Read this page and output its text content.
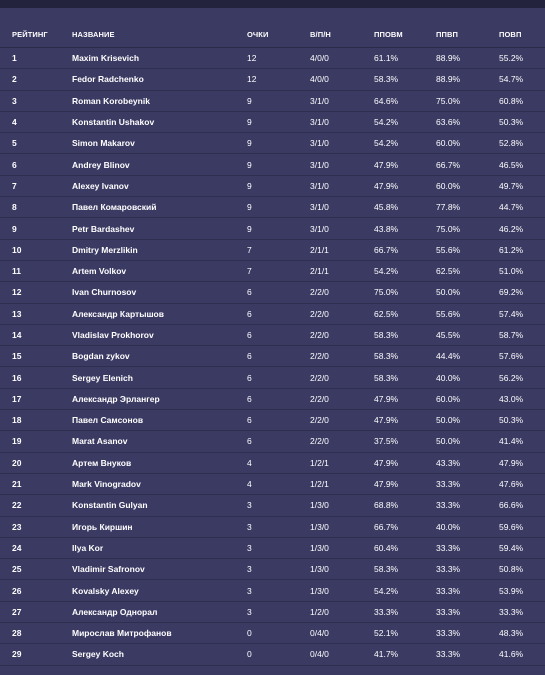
РЕЙТИНГ	НАЗВАНИЕ	ОЧКИ	В/П/Н	ППОВМ	ППВП	ПОВП
1	Maxim Krisevich	12	4/0/0	61.1%	88.9%	55.2%
2	Fedor Radchenko	12	4/0/0	58.3%	88.9%	54.7%
3	Roman Korobeynik	9	3/1/0	64.6%	75.0%	60.8%
4	Konstantin Ushakov	9	3/1/0	54.2%	63.6%	50.3%
5	Simon Makarov	9	3/1/0	54.2%	60.0%	52.8%
6	Andrey Blinov	9	3/1/0	47.9%	66.7%	46.5%
7	Alexey Ivanov	9	3/1/0	47.9%	60.0%	49.7%
8	Павел Комаровский	9	3/1/0	45.8%	77.8%	44.7%
9	Petr Bardashev	9	3/1/0	43.8%	75.0%	46.2%
10	Dmitry Merzlikin	7	2/1/1	66.7%	55.6%	61.2%
11	Artem Volkov	7	2/1/1	54.2%	62.5%	51.0%
12	Ivan Churnosov	6	2/2/0	75.0%	50.0%	69.2%
13	Александр Картышов	6	2/2/0	62.5%	55.6%	57.4%
14	Vladislav Prokhorov	6	2/2/0	58.3%	45.5%	58.7%
15	Bogdan zykov	6	2/2/0	58.3%	44.4%	57.6%
16	Sergey Elenich	6	2/2/0	58.3%	40.0%	56.2%
17	Александр Эрлангер	6	2/2/0	47.9%	60.0%	43.0%
18	Павел Самсонов	6	2/2/0	47.9%	50.0%	50.3%
19	Marat Asanov	6	2/2/0	37.5%	50.0%	41.4%
20	Артем Внуков	4	1/2/1	47.9%	43.3%	47.9%
21	Mark Vinogradov	4	1/2/1	47.9%	33.3%	47.6%
22	Konstantin Gulyan	3	1/3/0	68.8%	33.3%	66.6%
23	Игорь Киршин	3	1/3/0	66.7%	40.0%	59.6%
24	Ilya Kor	3	1/3/0	60.4%	33.3%	59.4%
25	Vladimir Safronov	3	1/3/0	58.3%	33.3%	50.8%
26	Kovalsky Alexey	3	1/3/0	54.2%	33.3%	53.9%
27	Александр Однорал	3	1/2/0	33.3%	33.3%	33.3%
28	Мирослав Митрофанов	0	0/4/0	52.1%	33.3%	48.3%
29	Sergey Koch	0	0/4/0	41.7%	33.3%	41.6%
